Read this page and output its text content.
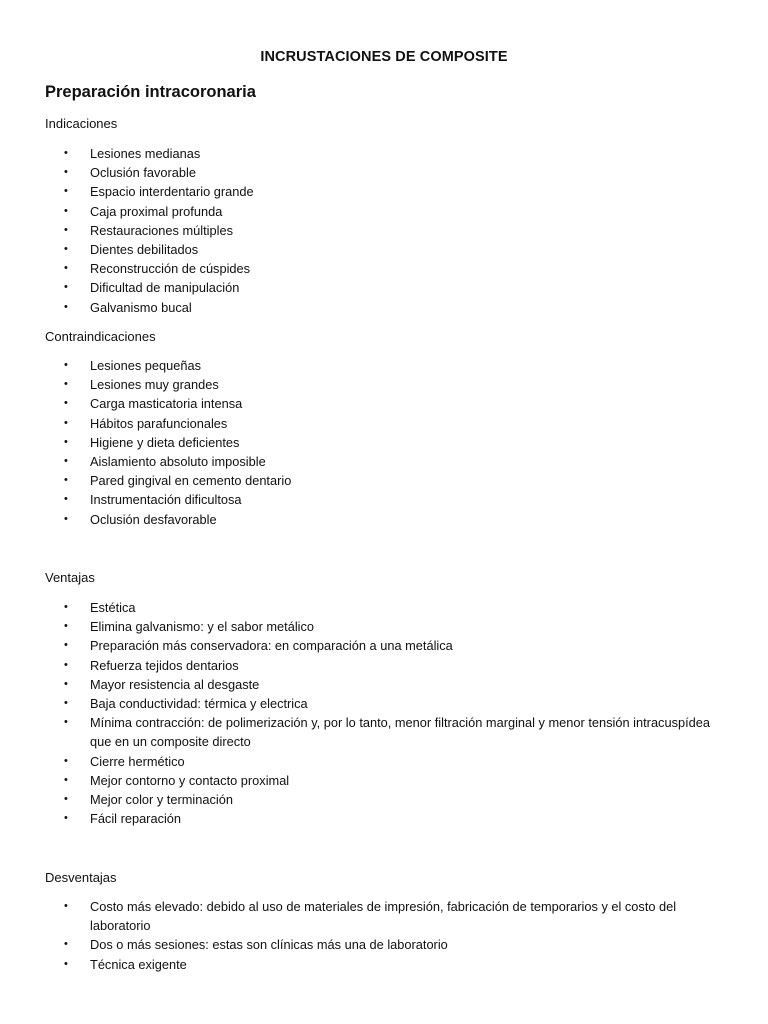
INCRUSTACIONES DE COMPOSITE
Preparación intracoronaria
Indicaciones
• Lesiones medianas
• Oclusión favorable
• Espacio interdentario grande
• Caja proximal profunda
• Restauraciones múltiples
• Dientes debilitados
• Reconstrucción de cúspides
• Dificultad de manipulación
• Galvanismo bucal
Contraindicaciones
• Lesiones pequeñas
• Lesiones muy grandes
• Carga masticatoria intensa
• Hábitos parafuncionales
• Higiene y dieta deficientes
• Aislamiento absoluto imposible
• Pared gingival en cemento dentario
• Instrumentación dificultosa
• Oclusión desfavorable
Ventajas
• Estética
• Elimina galvanismo: y el sabor metálico
• Preparación más conservadora: en comparación a una metálica
• Refuerza tejidos dentarios
• Mayor resistencia al desgaste
• Baja conductividad: térmica y electrica
• Mínima contracción: de polimerización y, por lo tanto, menor filtración marginal y menor tensión intracuspídea que en un composite directo
• Cierre hermético
• Mejor contorno y contacto proximal
• Mejor color y terminación
• Fácil reparación
Desventajas
• Costo más elevado: debido al uso de materiales de impresión, fabricación de temporarios y el costo del laboratorio
• Dos o más sesiones: estas son clínicas más una de laboratorio
• Técnica exigente
